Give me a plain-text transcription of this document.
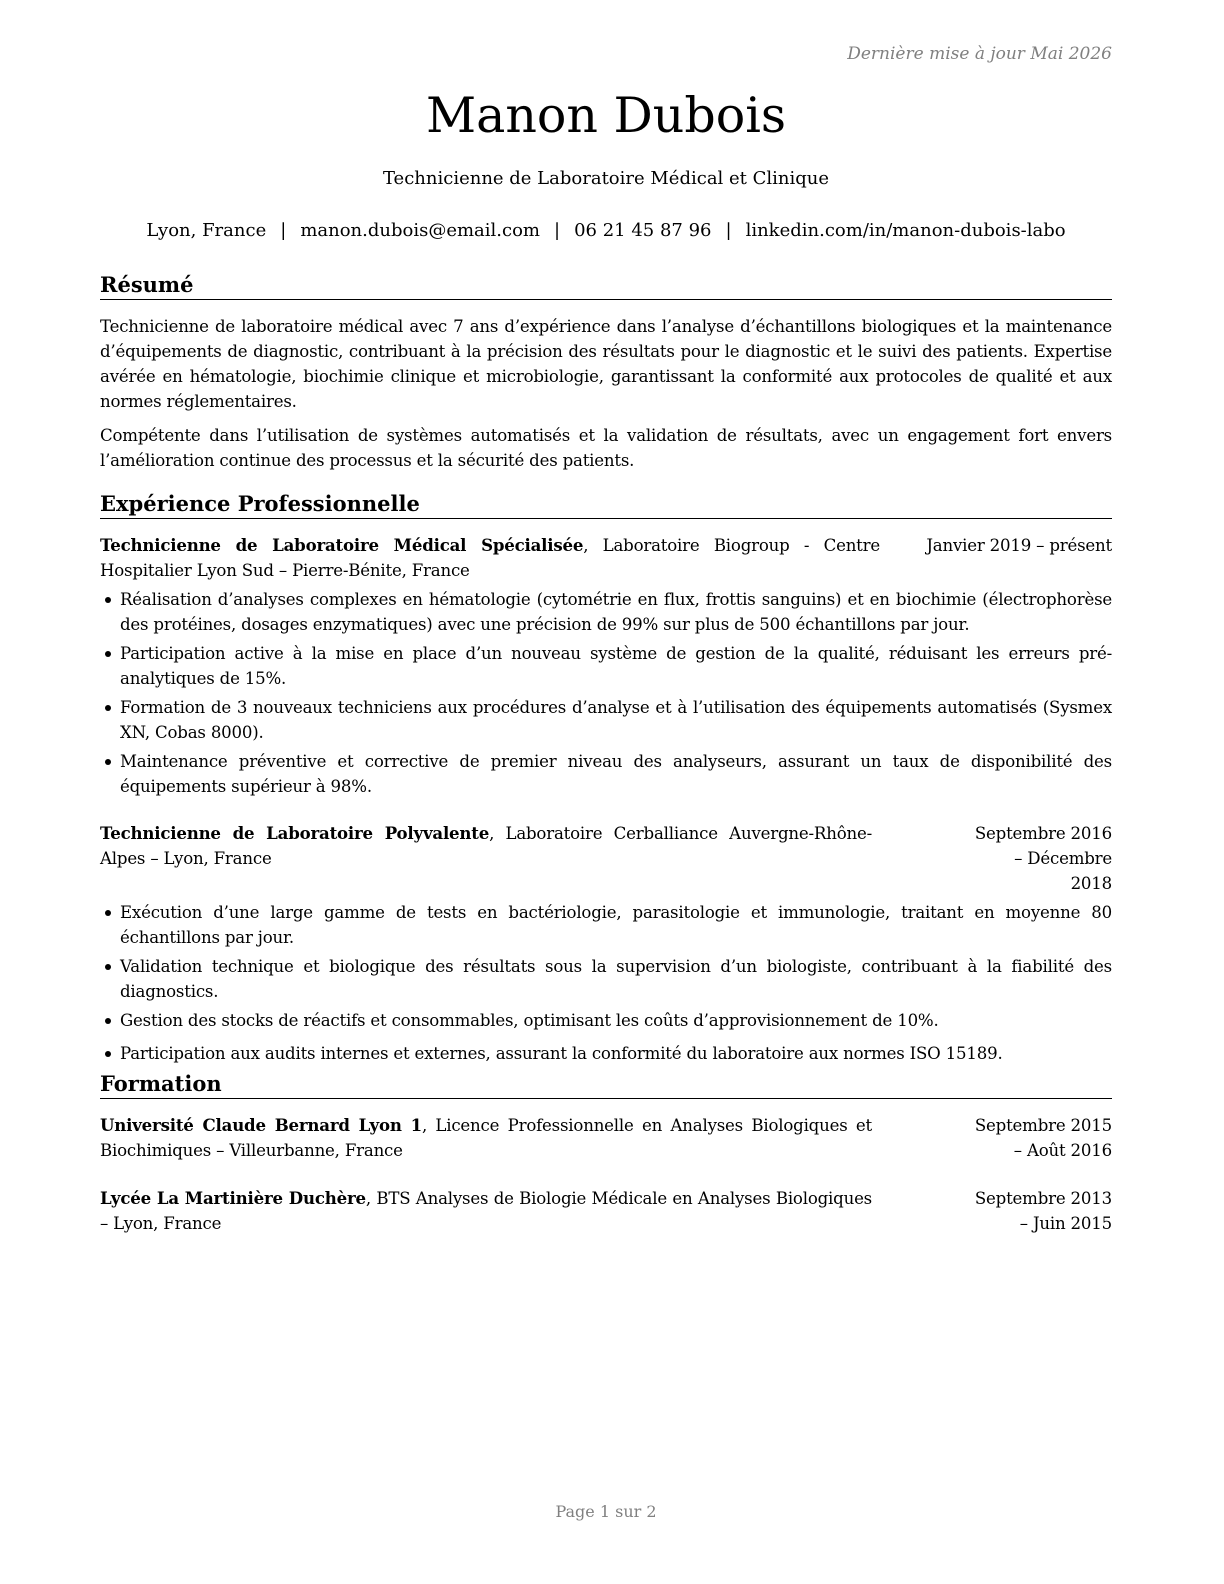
Dernière mise à jour Mai 2026
Manon Dubois
Technicienne de Laboratoire Médical et Clinique
Lyon, France | manon.dubois@email.com | 06 21 45 87 96 | linkedin.com/in/manon-dubois-labo
Résumé

Technicienne de laboratoire médical avec 7 ans d’expérience dans l’analyse d’échantillons biologiques et la maintenance d’équipements de diagnostic, contribuant à la précision des résultats pour le diagnostic et le suivi des patients. Expertise avérée en hématologie, biochimie clinique et microbiologie, garantissant la conformité aux protocoles de qualité et aux normes réglementaires.

Compétente dans l’utilisation de systèmes automatisés et la validation de résultats, avec un engagement fort envers l’amélioration continue des processus et la sécurité des patients.

Expérience Professionnelle
Technicienne de Laboratoire Médical Spécialisée, Laboratoire Biogroup - Centre Hospitalier Lyon Sud – Pierre-Bénite, France
Janvier 2019 – présent
Réalisation d’analyses complexes en hématologie (cytométrie en flux, frottis sanguins) et en biochimie (électrophorèse des protéines, dosages enzymatiques) avec une précision de 99% sur plus de 500 échantillons par jour.
Participation active à la mise en place d’un nouveau système de gestion de la qualité, réduisant les erreurs pré-analytiques de 15%.
Formation de 3 nouveaux techniciens aux procédures d’analyse et à l’utilisation des équipements automatisés (Sysmex XN, Cobas 8000).
Maintenance préventive et corrective de premier niveau des analyseurs, assurant un taux de disponibilité des équipements supérieur à 98%.
Technicienne de Laboratoire Polyvalente, Laboratoire Cerballiance Auvergne-Rhône-Alpes – Lyon, France
Septembre 2016 – Décembre 2018
Exécution d’une large gamme de tests en bactériologie, parasitologie et immunologie, traitant en moyenne 80 échantillons par jour.
Validation technique et biologique des résultats sous la supervision d’un biologiste, contribuant à la fiabilité des diagnostics.
Gestion des stocks de réactifs et consommables, optimisant les coûts d’approvisionnement de 10%.
Participation aux audits internes et externes, assurant la conformité du laboratoire aux normes ISO 15189.
Formation
Université Claude Bernard Lyon 1, Licence Professionnelle en Analyses Biologiques et Biochimiques – Villeurbanne, France
Septembre 2015 – Août 2016
Lycée La Martinière Duchère, BTS Analyses de Biologie Médicale en Analyses Biologiques – Lyon, France
Septembre 2013 – Juin 2015
Page 1 sur 2
